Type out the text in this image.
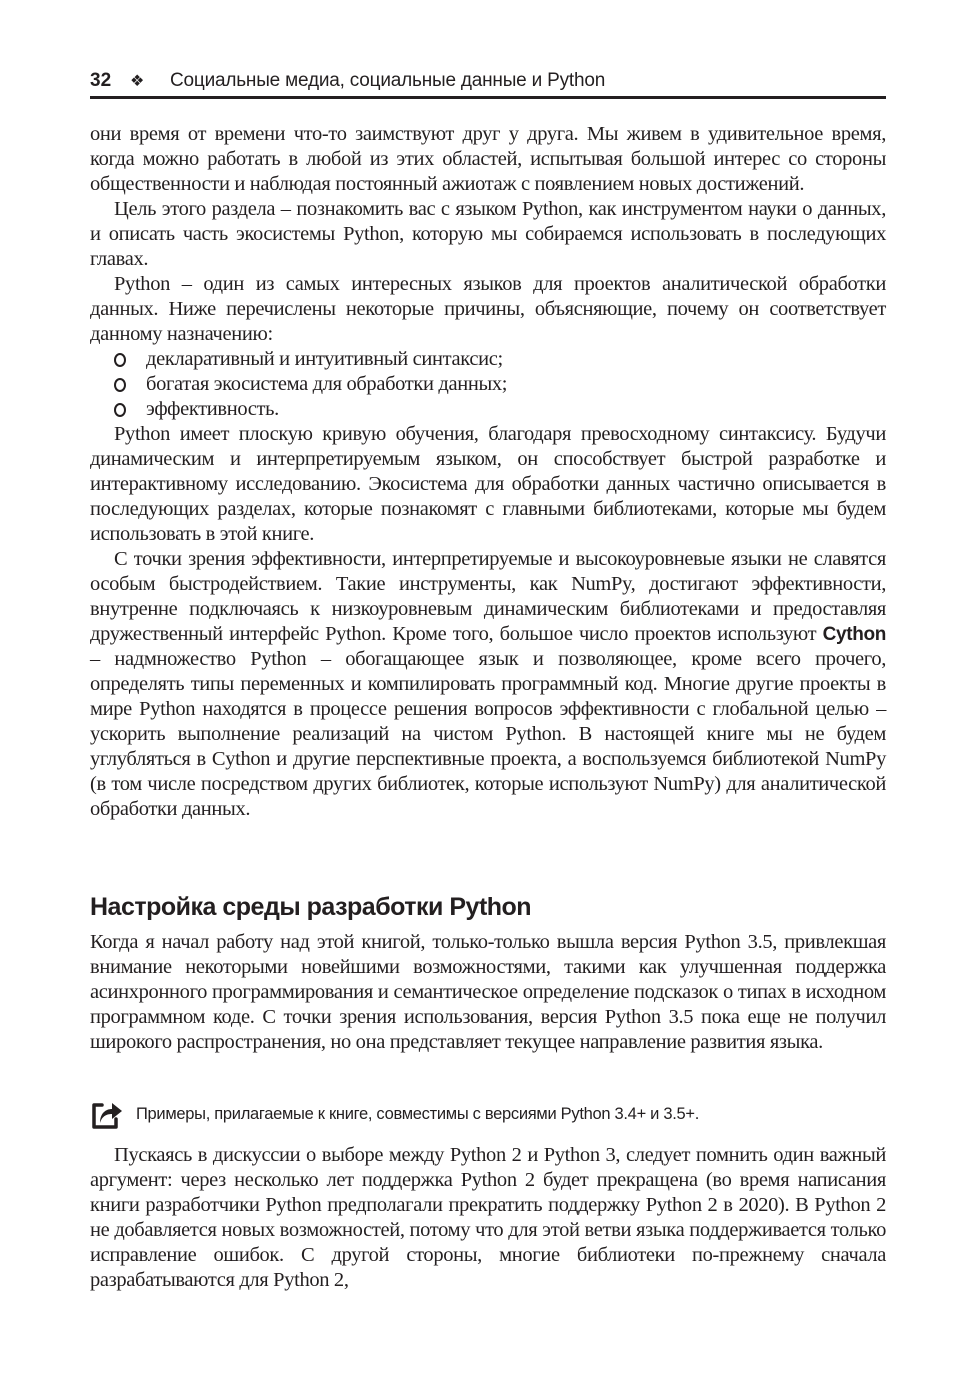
32	❖	Социальные медиа, социальные данные и Python

они время от времени что-то заимствуют друг у друга. Мы живем в удивительное время, когда можно работать в любой из этих областей, испытывая большой интерес со стороны общественности и наблюдая постоянный ажиотаж с появлением новых достижений.

Цель этого раздела – познакомить вас с языком Python, как инструментом науки о данных, и описать часть экосистемы Python, которую мы собираемся использовать в последующих главах.

Python – один из самых интересных языков для проектов аналитической обработки данных. Ниже перечислены некоторые причины, объясняющие, почему он соответствует данному назначению:

декларативный и интуитивный синтаксис;
богатая экосистема для обработки данных;
эффективность.

Python имеет плоскую кривую обучения, благодаря превосходному синтаксису. Будучи динамическим и интерпретируемым языком, он способствует быстрой разработке и интерактивному исследованию. Экосистема для обработки данных частично описывается в последующих разделах, которые познакомят с главными библиотеками, которые мы будем использовать в этой книге.

С точки зрения эффективности, интерпретируемые и высокоуровневые языки не славятся особым быстродействием. Такие инструменты, как NumPy, достигают эффективности, внутренне подключаясь к низкоуровневым динамическим библиотеками и предоставляя дружественный интерфейс Python. Кроме того, большое число проектов используют Cython – надмножество Python – обогащающее язык и позволяющее, кроме всего прочего, определять типы переменных и компилировать программный код. Многие другие проекты в мире Python находятся в процессе решения вопросов эффективности с глобальной целью – ускорить выполнение реализаций на чистом Python. В настоящей книге мы не будем углубляться в Cython и другие перспективные проекта, а воспользуемся библиотекой NumPy (в том числе посредством других библиотек, которые используют NumPy) для аналитической обработки данных.

Настройка среды разработки Python

Когда я начал работу над этой книгой, только-только вышла версия Python 3.5, привлекшая внимание некоторыми новейшими возможностями, такими как улучшенная поддержка асинхронного программирования и семантическое определение подсказок о типах в исходном программном коде. С точки зрения использования, версия Python 3.5 пока еще не получил широкого распространения, но она представляет текущее направление развития языка.

Примеры, прилагаемые к книге, совместимы с версиями Python 3.4+ и 3.5+.

Пускаясь в дискуссии о выборе между Python 2 и Python 3, следует помнить один важный аргумент: через несколько лет поддержка Python 2 будет прекращена (во время написания книги разработчики Python предполагали прекратить поддержку Python 2 в 2020). В Python 2 не добавляется новых возможностей, потому что для этой ветви языка поддерживается только исправление ошибок. С другой стороны, многие библиотеки по-прежнему сначала разрабатываются для Python 2,
